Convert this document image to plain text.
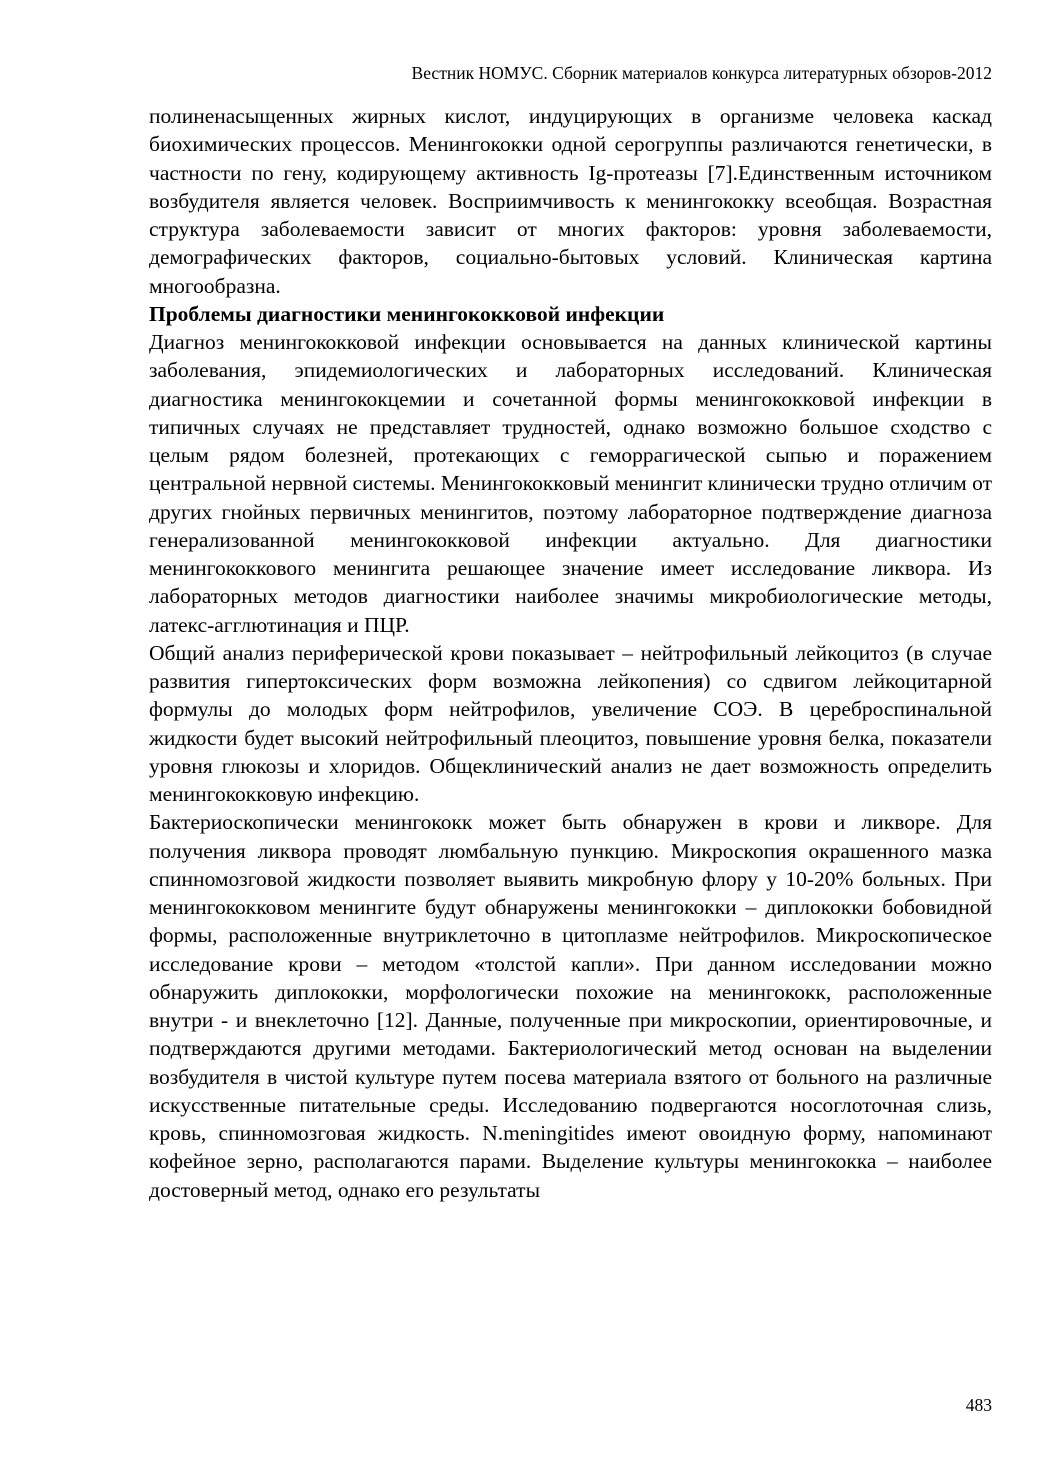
Вестник НОМУС. Сборник материалов конкурса литературных обзоров-2012

полиненасыщенных жирных кислот, индуцирующих в организме человека каскад биохимических процессов. Менингококки одной серогруппы различаются генетически, в частности по гену, кодирующему активность Ig-протеазы [7].Единственным источником возбудителя является человек. Восприимчивость к менингококку всеобщая. Возрастная структура заболеваемости зависит от многих факторов: уровня заболеваемости, демографических факторов, социально-бытовых условий. Клиническая картина многообразна.

Проблемы диагностики менингококковой инфекции

Диагноз менингококковой инфекции основывается на данных клинической картины заболевания, эпидемиологических и лабораторных исследований. Клиническая диагностика менингококцемии и сочетанной формы менингококковой инфекции в типичных случаях не представляет трудностей, однако возможно большое сходство с целым рядом болезней, протекающих с геморрагической сыпью и поражением центральной нервной системы. Менингококковый менингит клинически трудно отличим от других гнойных первичных менингитов, поэтому лабораторное подтверждение диагноза генерализованной менингококковой инфекции актуально. Для диагностики менингококкового менингита решающее значение имеет исследование ликвора. Из лабораторных методов диагностики наиболее значимы микробиологические методы, латекс-агглютинация и ПЦР.

Общий анализ периферической крови показывает – нейтрофильный лейкоцитоз (в случае развития гипертоксических форм возможна лейкопения) со сдвигом лейкоцитарной формулы до молодых форм нейтрофилов, увеличение СОЭ. В цереброспинальной жидкости будет высокий нейтрофильный плеоцитоз, повышение уровня белка, показатели уровня глюкозы и хлоридов. Общеклинический анализ не дает возможность определить менингококковую инфекцию.

Бактериоскопически менингококк может быть обнаружен в крови и ликворе. Для получения ликвора проводят люмбальную пункцию. Микроскопия окрашенного мазка спинномозговой жидкости позволяет выявить микробную флору у 10-20% больных. При менингококковом менингите будут обнаружены менингококки – диплококки бобовидной формы, расположенные внутриклеточно в цитоплазме нейтрофилов. Микроскопическое исследование крови – методом «толстой капли». При данном исследовании можно обнаружить диплококки, морфологически похожие на менингококк, расположенные внутри - и внеклеточно [12]. Данные, полученные при микроскопии, ориентировочные, и подтверждаются другими методами. Бактериологический метод основан на выделении возбудителя в чистой культуре путем посева материала взятого от больного на различные искусственные питательные среды. Исследованию подвергаются носоглоточная слизь, кровь, спинномозговая жидкость. N.meningitides имеют овоидную форму, напоминают кофейное зерно, располагаются парами. Выделение культуры менингококка – наиболее достоверный метод, однако его результаты

483
